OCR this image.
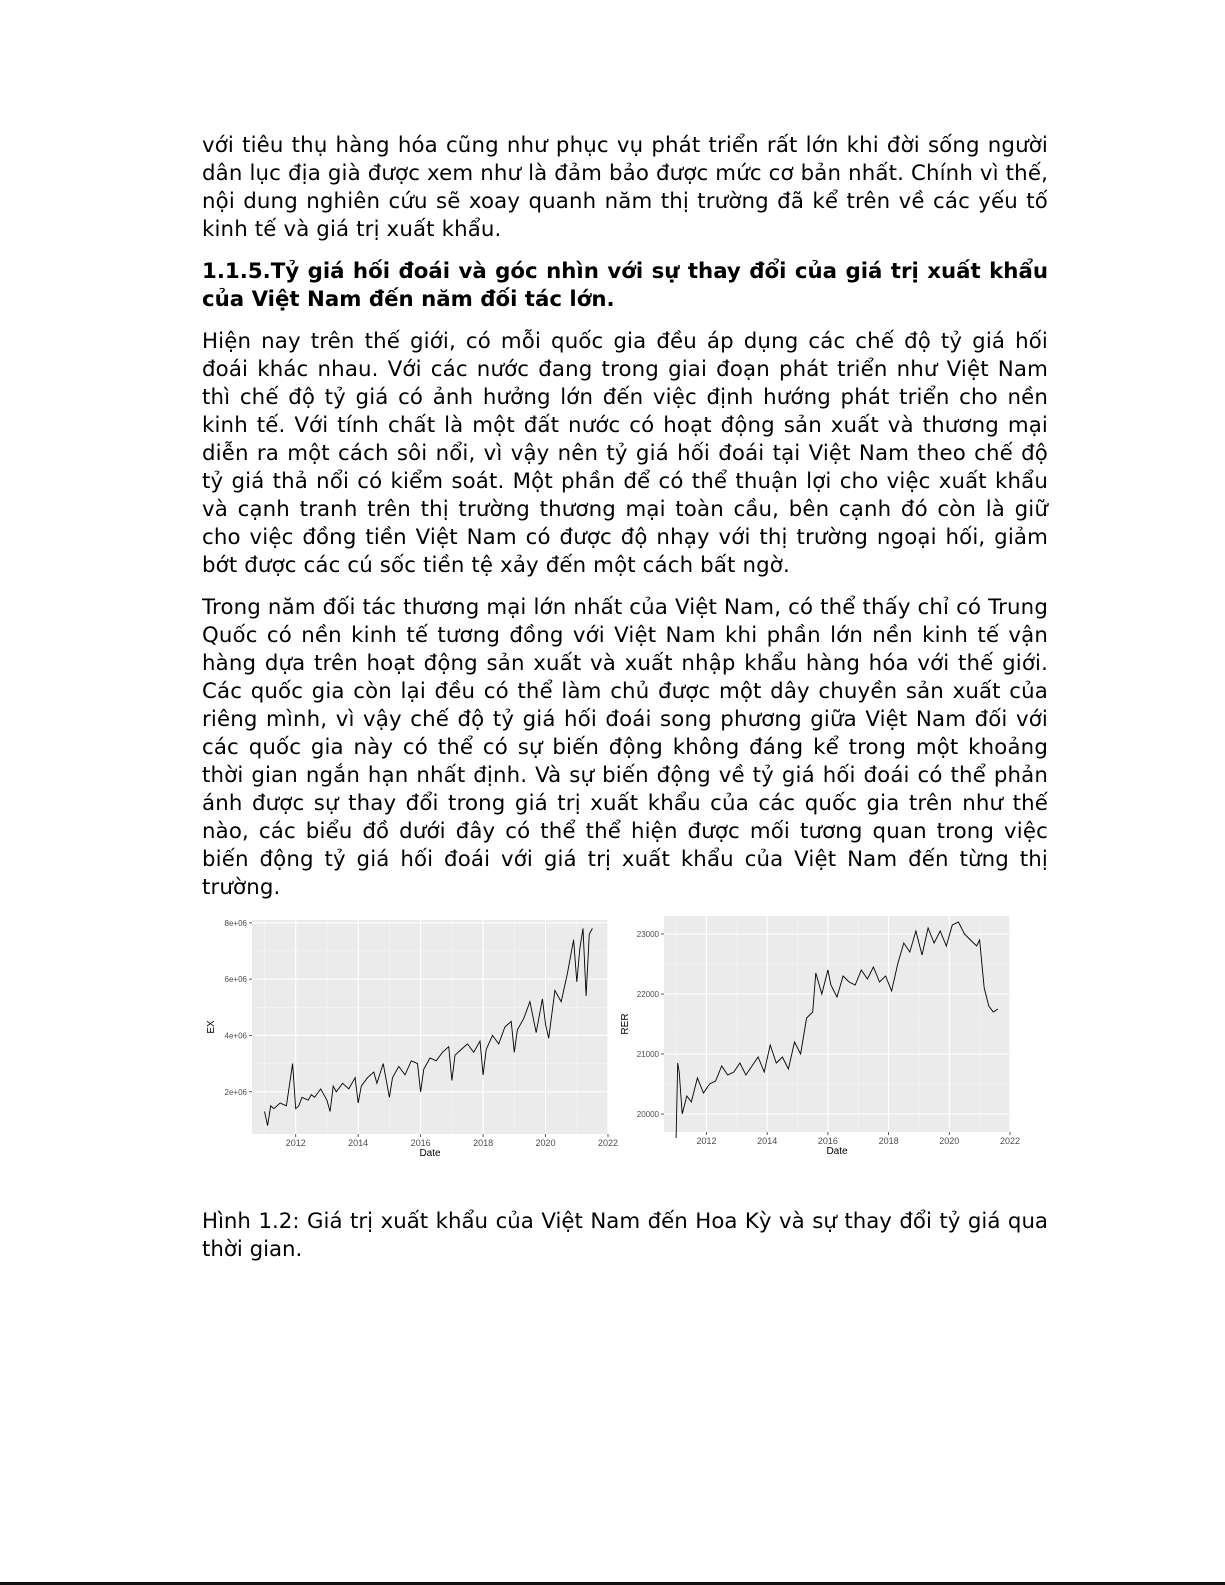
với tiêu thụ hàng hóa cũng như phục vụ phát triển rất lớn khi đời sống người dân lục địa già được xem như là đảm bảo được mức cơ bản nhất. Chính vì thế, nội dung nghiên cứu sẽ xoay quanh năm thị trường đã kể trên về các yếu tố kinh tế và giá trị xuất khẩu.

1.1.5.Tỷ giá hối đoái và góc nhìn với sự thay đổi của giá trị xuất khẩu của Việt Nam đến năm đối tác lớn.

Hiện nay trên thế giới, có mỗi quốc gia đều áp dụng các chế độ tỷ giá hối đoái khác nhau. Với các nước đang trong giai đoạn phát triển như Việt Nam thì chế độ tỷ giá có ảnh hưởng lớn đến việc định hướng phát triển cho nền kinh tế. Với tính chất là một đất nước có hoạt động sản xuất và thương mại diễn ra một cách sôi nổi, vì vậy nên tỷ giá hối đoái tại Việt Nam theo chế độ tỷ giá thả nổi có kiểm soát. Một phần để có thể thuận lợi cho việc xuất khẩu và cạnh tranh trên thị trường thương mại toàn cầu, bên cạnh đó còn là giữ cho việc đồng tiền Việt Nam có được độ nhạy với thị trường ngoại hối, giảm bớt được các cú sốc tiền tệ xảy đến một cách bất ngờ.

Trong năm đối tác thương mại lớn nhất của Việt Nam, có thể thấy chỉ có Trung Quốc có nền kinh tế tương đồng với Việt Nam khi phần lớn nền kinh tế vận hàng dựa trên hoạt động sản xuất và xuất nhập khẩu hàng hóa với thế giới. Các quốc gia còn lại đều có thể làm chủ được một dây chuyền sản xuất của riêng mình, vì vậy chế độ tỷ giá hối đoái song phương giữa Việt Nam đối với các quốc gia này có thể có sự biến động không đáng kể trong một khoảng thời gian ngắn hạn nhất định. Và sự biến động về tỷ giá hối đoái có thể phản ánh được sự thay đổi trong giá trị xuất khẩu của các quốc gia trên như thế nào, các biểu đồ dưới đây có thể thể hiện được mối tương quan trong việc biến động tỷ giá hối đoái với giá trị xuất khẩu của Việt Nam đến từng thị trường.

2012	2014	2016	2018	2020	2022
2e+06
4e+06
6e+06
8e+06
Date
EX
2012	2014	2016	2018	2020	2022
20000
21000
22000
23000
Date
RER

Hình 1.2: Giá trị xuất khẩu của Việt Nam đến Hoa Kỳ và sự thay đổi tỷ giá qua thời gian.
